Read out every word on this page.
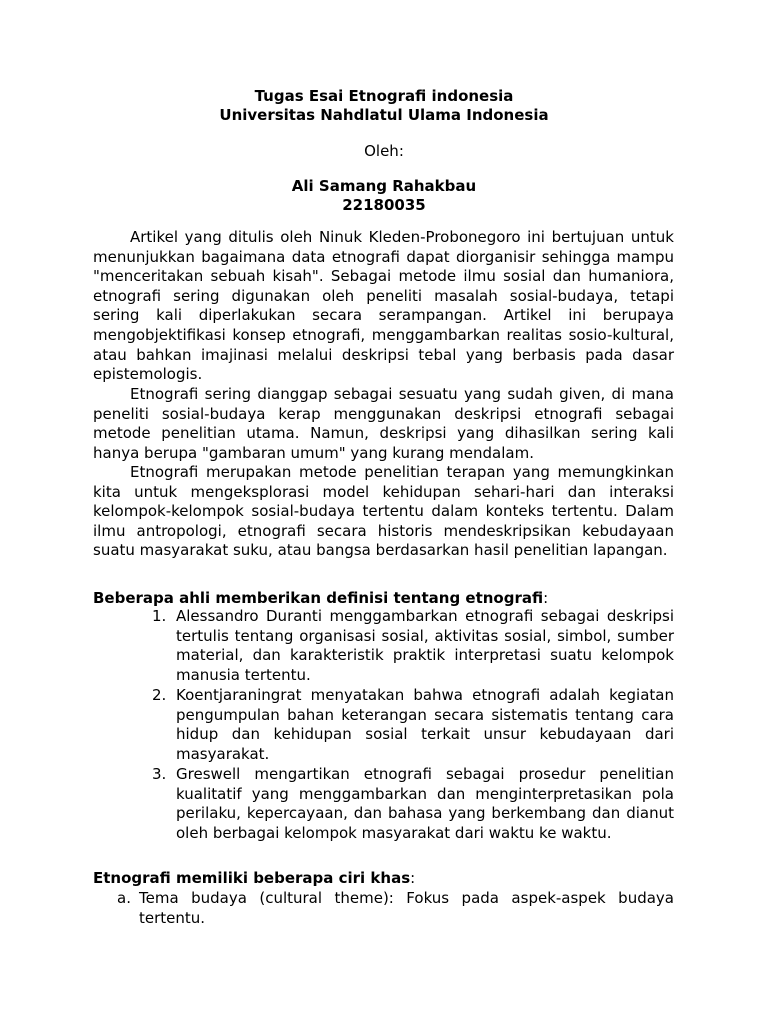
Tugas Esai Etnografi indonesia
Universitas Nahdlatul Ulama Indonesia
Oleh:
Ali Samang Rahakbau
22180035

Artikel yang ditulis oleh Ninuk Kleden-Probonegoro ini bertujuan untuk menunjukkan bagaimana data etnografi dapat diorganisir sehingga mampu "menceritakan sebuah kisah". Sebagai metode ilmu sosial dan humaniora, etnografi sering digunakan oleh peneliti masalah sosial-budaya, tetapi sering kali diperlakukan secara serampangan. Artikel ini berupaya mengobjektifikasi konsep etnografi, menggambarkan realitas sosio-kultural, atau bahkan imajinasi melalui deskripsi tebal yang berbasis pada dasar epistemologis.

Etnografi sering dianggap sebagai sesuatu yang sudah given, di mana peneliti sosial-budaya kerap menggunakan deskripsi etnografi sebagai metode penelitian utama. Namun, deskripsi yang dihasilkan sering kali hanya berupa "gambaran umum" yang kurang mendalam.

Etnografi merupakan metode penelitian terapan yang memungkinkan kita untuk mengeksplorasi model kehidupan sehari-hari dan interaksi kelompok-kelompok sosial-budaya tertentu dalam konteks tertentu. Dalam ilmu antropologi, etnografi secara historis mendeskripsikan kebudayaan suatu masyarakat suku, atau bangsa berdasarkan hasil penelitian lapangan.

Beberapa ahli memberikan definisi tentang etnografi:

1. Alessandro Duranti menggambarkan etnografi sebagai deskripsi tertulis tentang organisasi sosial, aktivitas sosial, simbol, sumber material, dan karakteristik praktik interpretasi suatu kelompok manusia tertentu.
2. Koentjaraningrat menyatakan bahwa etnografi adalah kegiatan pengumpulan bahan keterangan secara sistematis tentang cara hidup dan kehidupan sosial terkait unsur kebudayaan dari masyarakat.
3. Greswell mengartikan etnografi sebagai prosedur penelitian kualitatif yang menggambarkan dan menginterpretasikan pola perilaku, kepercayaan, dan bahasa yang berkembang dan dianut oleh berbagai kelompok masyarakat dari waktu ke waktu.

Etnografi memiliki beberapa ciri khas:

a. Tema budaya (cultural theme): Fokus pada aspek-aspek budaya tertentu.
